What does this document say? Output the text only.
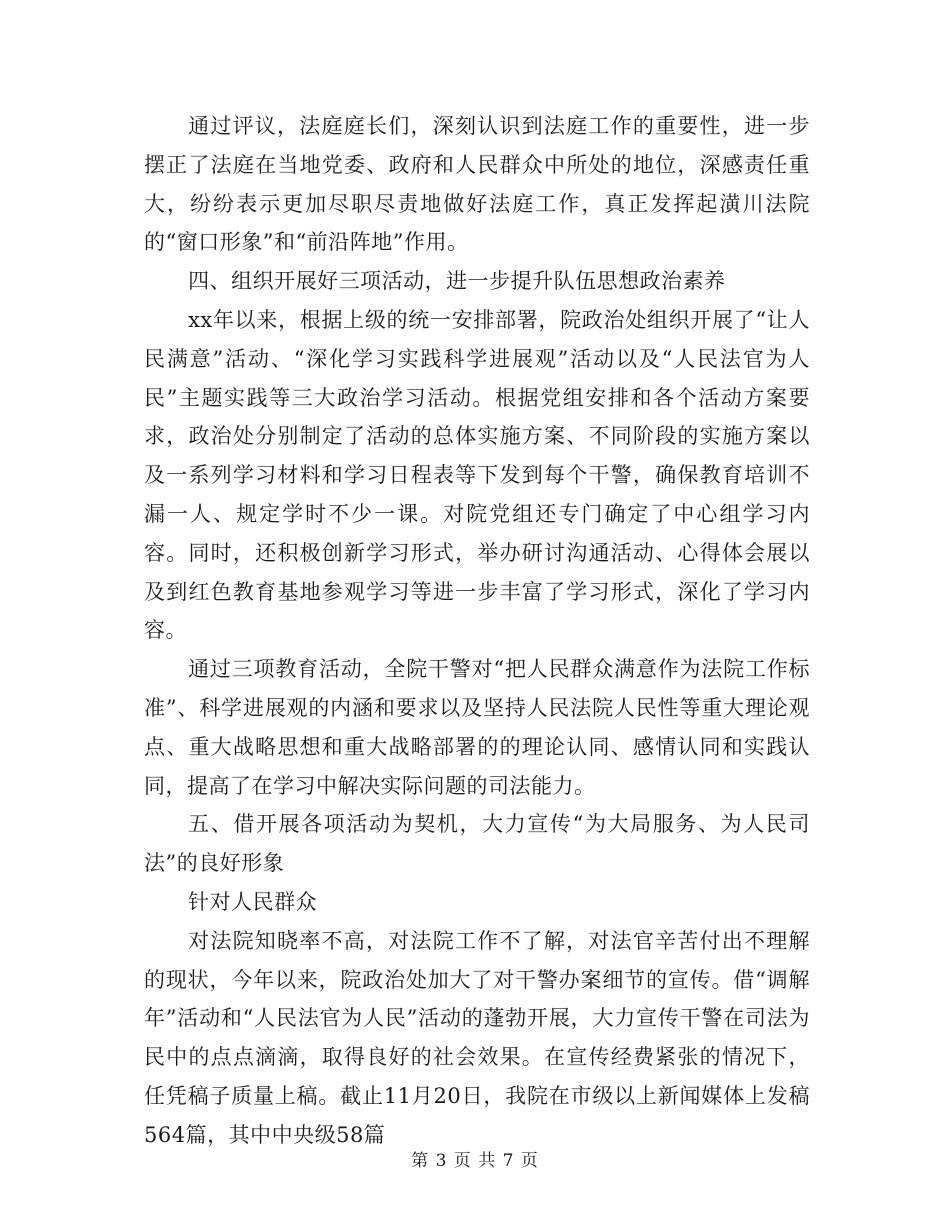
通过评议，法庭庭长们，深刻认识到法庭工作的重要性，进一步摆正了法庭在当地党委、政府和人民群众中所处的地位，深感责任重大，纷纷表示更加尽职尽责地做好法庭工作，真正发挥起潢川法院的“窗口形象”和“前沿阵地”作用。

四、组织开展好三项活动，进一步提升队伍思想政治素养

xx年以来，根据上级的统一安排部署，院政治处组织开展了“让人民满意”活动、“深化学习实践科学进展观”活动以及“人民法官为人民”主题实践等三大政治学习活动。根据党组安排和各个活动方案要求，政治处分别制定了活动的总体实施方案、不同阶段的实施方案以及一系列学习材料和学习日程表等下发到每个干警，确保教育培训不漏一人、规定学时不少一课。对院党组还专门确定了中心组学习内容。同时，还积极创新学习形式，举办研讨沟通活动、心得体会展以及到红色教育基地参观学习等进一步丰富了学习形式，深化了学习内容。

通过三项教育活动，全院干警对“把人民群众满意作为法院工作标准”、科学进展观的内涵和要求以及坚持人民法院人民性等重大理论观点、重大战略思想和重大战略部署的的理论认同、感情认同和实践认同，提高了在学习中解决实际问题的司法能力。

五、借开展各项活动为契机，大力宣传“为大局服务、为人民司法”的良好形象

针对人民群众

对法院知晓率不高，对法院工作不了解，对法官辛苦付出不理解的现状，今年以来，院政治处加大了对干警办案细节的宣传。借“调解年”活动和“人民法官为人民”活动的蓬勃开展，大力宣传干警在司法为民中的点点滴滴，取得良好的社会效果。在宣传经费紧张的情况下，任凭稿子质量上稿。截止11月20日，我院在市级以上新闻媒体上发稿564篇，其中中央级58篇

第 3 页 共 7 页
